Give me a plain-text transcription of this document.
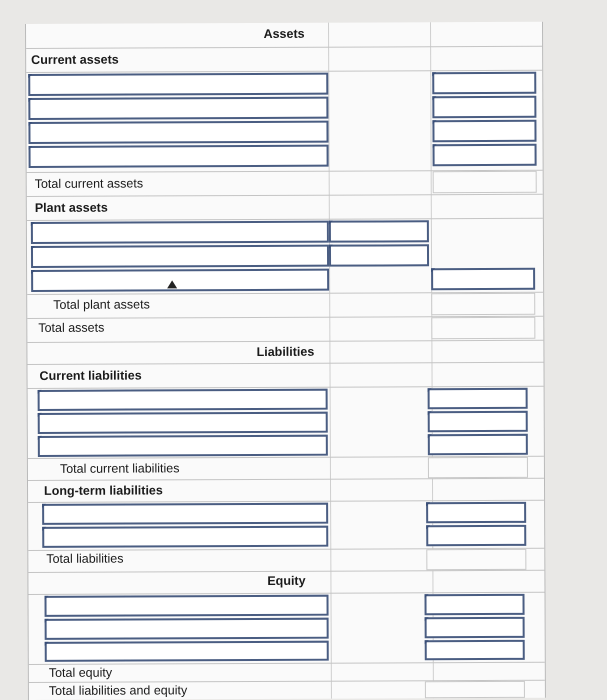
Assets
Current assets
Total current assets
Plant assets
Total plant assets
Total assets
Liabilities
Current liabilities
Total current liabilities
Long-term liabilities
Total liabilities
Equity
Total equity
Total liabilities and equity
